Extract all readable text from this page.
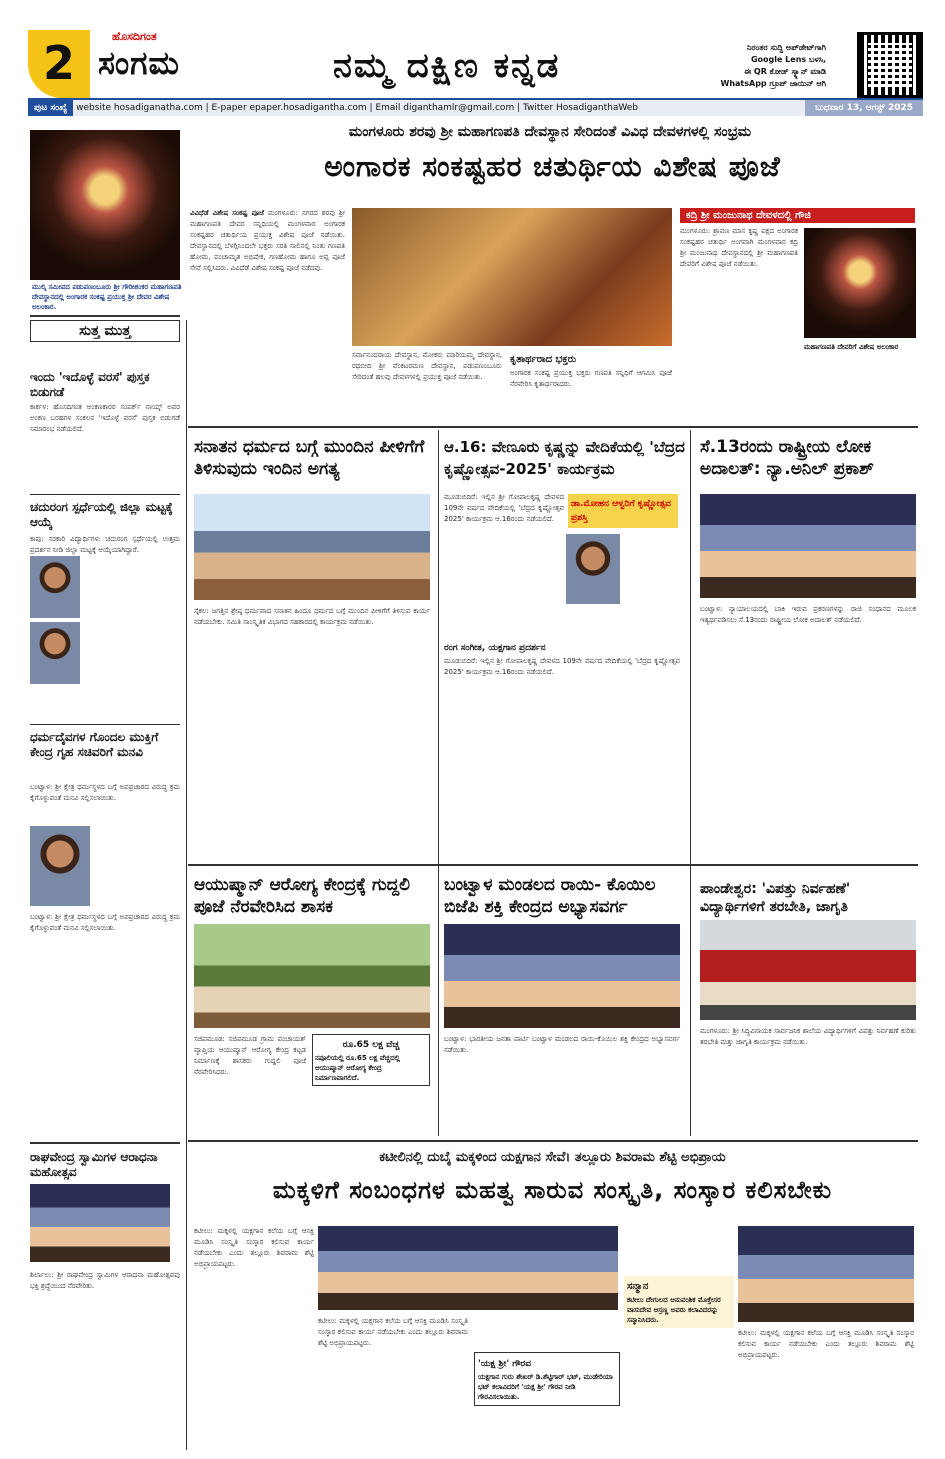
2	ಹೊಸದಿಗಂತ
ಸಂಗಮ	ನಮ್ಮ ದಕ್ಷಿಣ ಕನ್ನಡ	ನಿರಂತರ ಸುದ್ದಿ ಅಪ್‌ಡೇಟ್‌ಗಾಗಿ
Google Lens ಬಳಸಿ,
ಈ QR ಕೋಡ್ ಸ್ಕ್ಯಾನ್ ಮಾಡಿ
WhatsApp ಗ್ರೂಪ್ ಜಾಯಿನ್ ಆಗಿ
ಪುಟ ಸಂಖ್ಯೆ website hosadiganatha.com | E-paper epaper.hosadigantha.com | Email diganthamlr@gmail.com | Twitter HosadiganthaWeb	ಬುಧವಾರ 13, ಆಗಸ್ಟ್ 2025
ಮುಲ್ಕಿ ಸಮೀಪದ ಪಡುಪಣಂಬೂರು ಶ್ರೀ ಗೌರೀಶಂಕರ ಮಹಾಗಣಪತಿ ದೇವಸ್ಥಾನದಲ್ಲಿ ಅಂಗಾರಕ ಸಂಕಷ್ಟ ಪ್ರಯುಕ್ತ ಶ್ರೀ ದೇವರ ವಿಶೇಷ ಅಲಂಕಾರ.
ಮಂಗಳೂರು ಶರವು ಶ್ರೀ ಮಹಾಗಣಪತಿ ದೇವಸ್ಥಾನ ಸೇರಿದಂತೆ ವಿವಿಧ ದೇವಳಗಳಲ್ಲಿ ಸಂಭ್ರಮ
ಅಂಗಾರಕ ಸಂಕಷ್ಟಹರ ಚತುರ್ಥಿಯ ವಿಶೇಷ ಪೂಜೆ
ವಿವಿಧೆಡೆ ವಿಶೇಷ ಸಂಕಷ್ಟ ಪೂಜೆ ಮಂಗಳೂರು: ನಗರದ ಶರವು ಶ್ರೀ ಮಹಾಗಣಪತಿ ದೇವರ ಸನ್ನಿಧಿಯಲ್ಲಿ ಮಂಗಳವಾರ ಅಂಗಾರಕ ಸಂಕಷ್ಟಹರ ಚತುರ್ಥಿಯ ಪ್ರಯುಕ್ತ ವಿಶೇಷ ಪೂಜೆ ನಡೆಯಿತು. ದೇವಸ್ಥಾನದಲ್ಲಿ ಬೆಳಗ್ಗಿನಿಂದಲೇ ಭಕ್ತರು ಸರತಿ ಸಾಲಿನಲ್ಲಿ ನಿಂತು ಗಣಪತಿ ಹೋಮ, ಪಂಚಾಮೃತ ಅಭಿಷೇಕ, ಗಣಹೋಮ ಹಾಗೂ ಅಪ್ಪ ಪೂಜೆ ಸೇವೆ ಸಲ್ಲಿಸಿದರು. ವಿವಿಧೆಡೆ ವಿಶೇಷ ಸಂಕಷ್ಟ ಪೂಜೆ ನಡೆದವು.
ಸರ್ವಾನಂದರಾಯ ದೇವಸ್ಥಾನ, ಮೋಕರು ಮಾರಿಯಮ್ಮ ದೇವಸ್ಥಾನ, ರಥಬೀದಿ ಶ್ರೀ ವೆಂಕಟರಮಣ ದೇವಸ್ಥಾನ, ಪಡುಪಣಂಬೂರು ಸೇರಿದಂತೆ ಹಲವು ದೇವಳಗಳಲ್ಲಿ ಪ್ರಯುಕ್ತ ಪೂಜೆ ನಡೆಯಿತು.
ಕೃತಾರ್ಥರಾದ ಭಕ್ತರು
ಅಂಗಾರಕ ಸಂಕಷ್ಟ ಪ್ರಯುಕ್ತ ಭಕ್ತರು ಗಣಪತಿ ಸನ್ನಿಧಿಗೆ ಆಗಮಿಸಿ ಪೂಜೆ ನೆರವೇರಿಸಿ ಕೃತಾರ್ಥರಾದರು.
ಕದ್ರಿ ಶ್ರೀ ಮಂಜುನಾಥ ದೇವಳದಲ್ಲಿ ಗೌಜಿ
ಮಂಗಳೂರು: ಶ್ರಾವಣ ಮಾಸ ಕೃಷ್ಣ ಪಕ್ಷದ ಅಂಗಾರಕ ಸಂಕಷ್ಟಹರ ಚತುರ್ಥಿ ಅಂಗವಾಗಿ ಮಂಗಳವಾರ ಕದ್ರಿ ಶ್ರೀ ಮಂಜುನಾಥ ದೇವಸ್ಥಾನದಲ್ಲಿ ಶ್ರೀ ಮಹಾಗಣಪತಿ ದೇವರಿಗೆ ವಿಶೇಷ ಪೂಜೆ ನಡೆಯಿತು.
ಮಹಾಗಣಪತಿ ದೇವರಿಗೆ ವಿಶೇಷ ಅಲಂಕಾರ
ಸುತ್ತ ಮುತ್ತ
ಇಂದು 'ಇದೊಳ್ಳೆ ವರಸೆ' ಪುಸ್ತಕ ಬಿಡುಗಡೆ
ಕಾರ್ಕಳ: ಹೊಸದಿಗಂತ ಅಂಕಣಕಾರರ ಸಂಪರ್ಕ್ ನಾಯ್ಕ್ ಅವರ ಅಂಕಣ ಬರಹಗಳ ಸಂಕಲನ 'ಇದೊಳ್ಳೆ ವರಸೆ' ಪುಸ್ತಕ ಬಿಡುಗಡೆ ಸಮಾರಂಭ ನಡೆಯಲಿದೆ.
ಚದುರಂಗ ಸ್ಪರ್ಧೆಯಲ್ಲಿ ಜಿಲ್ಲಾ ಮಟ್ಟಕ್ಕೆ ಆಯ್ಕೆ
ಕಾಪು: ಸರಕಾರಿ ವಿದ್ಯಾರ್ಥಿಗಳು ಚದುರಂಗ ಸ್ಪರ್ಧೆಯಲ್ಲಿ ಉತ್ತಮ ಪ್ರದರ್ಶನ ನೀಡಿ ಜಿಲ್ಲಾ ಮಟ್ಟಕ್ಕೆ ಆಯ್ಕೆಯಾಗಿದ್ದಾರೆ.
ಧರ್ಮದೈವಗಳ ಗೊಂದಲ ಮುಕ್ತಿಗೆ ಕೇಂದ್ರ ಗೃಹ ಸಚಿವರಿಗೆ ಮನವಿ
ಬಂಟ್ವಾಳ: ಶ್ರೀ ಕ್ಷೇತ್ರ ಧರ್ಮಸ್ಥಳದ ಬಗ್ಗೆ ಅಪಪ್ರಚಾರದ ವಿರುದ್ಧ ಕ್ರಮ ಕೈಗೊಳ್ಳುವಂತೆ ಮನವಿ ಸಲ್ಲಿಸಲಾಯಿತು.
ಬಂಟ್ವಾಳ: ಶ್ರೀ ಕ್ಷೇತ್ರ ಧರ್ಮಸ್ಥಳದ ಬಗ್ಗೆ ಅಪಪ್ರಚಾರದ ವಿರುದ್ಧ ಕ್ರಮ ಕೈಗೊಳ್ಳುವಂತೆ ಮನವಿ ಸಲ್ಲಿಸಲಾಯಿತು.
ರಾಘವೇಂದ್ರ ಸ್ವಾಮಿಗಳ ಆರಾಧನಾ ಮಹೋತ್ಸವ
ಶಿರ್ಲಾಲು: ಶ್ರೀ ರಾಘವೇಂದ್ರ ಸ್ವಾಮಿಗಳ ಆರಾಧನಾ ಮಹೋತ್ಸವವು ಭಕ್ತಿ ಶ್ರದ್ಧೆಯಿಂದ ನೆರವೇರಿತು.
ಸನಾತನ ಧರ್ಮದ ಬಗ್ಗೆ ಮುಂದಿನ ಪೀಳಿಗೆಗೆ ತಿಳಿಸುವುದು ಇಂದಿನ ಅಗತ್ಯ
ಸೈಕಲ: ಜಗತ್ತಿನ ಶ್ರೇಷ್ಠ ಧರ್ಮವಾದ ಸನಾತನ ಹಿಂದೂ ಧರ್ಮದ ಬಗ್ಗೆ ಮುಂದಿನ ಪೀಳಿಗೆಗೆ ತಿಳಿಸುವ ಕಾರ್ಯ ನಡೆಯಬೇಕು. ಸಮಿತಿ ಸಾಂಸ್ಕೃತಿಕ ವಿಭಾಗದ ಸಹಕಾರದಲ್ಲಿ ಕಾರ್ಯಕ್ರಮ ನಡೆಯಿತು.
ಆ.16: ವೇಣೂರು ಕೃಷ್ಣನ್ನು ವೇದಿಕೆಯಲ್ಲಿ 'ಬೆದ್ರದ ಕೃಷ್ಣೋತ್ಸವ-2025' ಕಾರ್ಯಕ್ರಮ
ಮೂಡುಬಿದಿರೆ: ಇಲ್ಲಿನ ಶ್ರೀ ಗೋಪಾಲಕೃಷ್ಣ ದೇವಳದ 109ನೇ ವರ್ಷದ ವೇದಿಕೆಯಲ್ಲಿ 'ಬೆದ್ರದ ಕೃಷ್ಣೋತ್ಸವ 2025' ಕಾರ್ಯಕ್ರಮ ಆ.16ರಂದು ನಡೆಯಲಿದೆ.
ಡಾ.ಮೋಹನ ಆಳ್ವರಿಗೆ ಕೃಷ್ಣೋತ್ಸವ ಪ್ರಶಸ್ತಿ
ರಂಗ ಸಂಗೀತ, ಯಕ್ಷಗಾನ ಪ್ರದರ್ಶನ
ಮೂಡುಬಿದಿರೆ: ಇಲ್ಲಿನ ಶ್ರೀ ಗೋಪಾಲಕೃಷ್ಣ ದೇವಳದ 109ನೇ ವರ್ಷದ ವೇದಿಕೆಯಲ್ಲಿ 'ಬೆದ್ರದ ಕೃಷ್ಣೋತ್ಸವ 2025' ಕಾರ್ಯಕ್ರಮ ಆ.16ರಂದು ನಡೆಯಲಿದೆ.
ಸೆ.13ರಂದು ರಾಷ್ಟ್ರೀಯ ಲೋಕ ಅದಾಲತ್: ನ್ಯಾ.ಅನಿಲ್ ಪ್ರಕಾಶ್
ಬಂಟ್ವಾಳ: ನ್ಯಾಯಾಲಯದಲ್ಲಿ ಬಾಕಿ ಇರುವ ಪ್ರಕರಣಗಳನ್ನು ರಾಜಿ ಸಂಧಾನದ ಮೂಲಕ ಇತ್ಯರ್ಥಪಡಿಸಲು ಸೆ.13ರಂದು ರಾಷ್ಟ್ರೀಯ ಲೋಕ ಅದಾಲತ್ ನಡೆಯಲಿದೆ.
ಆಯುಷ್ಮಾನ್ ಆರೋಗ್ಯ ಕೇಂದ್ರಕ್ಕೆ ಗುದ್ದಲಿ ಪೂಜೆ ನೆರವೇರಿಸಿದ ಶಾಸಕ
ಸಜಿಪಮೂಡ: ಸಜಿಪಮೂಡ ಗ್ರಾಮ ಪಂಚಾಯತ್ ವ್ಯಾಪ್ತಿಯ ಆಯುಷ್ಮಾನ್ ಆರೋಗ್ಯ ಕೇಂದ್ರ ಕಟ್ಟಡ ನಿರ್ಮಾಣಕ್ಕೆ ಶಾಸಕರು ಗುದ್ದಲಿ ಪೂಜೆ ನೆರವೇರಿಸಿದರು.
ರೂ.65 ಲಕ್ಷ ವೆಚ್ಚ
ನಪೂಲಿಯಲ್ಲಿ ರೂ.65 ಲಕ್ಷ ವೆಚ್ಚದಲ್ಲಿ ಆಯುಷ್ಮಾನ್ ಆರೋಗ್ಯ ಕೇಂದ್ರ ನಿರ್ಮಾಣವಾಗಲಿದೆ.
ಬಂಟ್ವಾಳ ಮಂಡಲದ ರಾಯಿ- ಕೊಯಿಲ ಬಿಜೆಪಿ ಶಕ್ತಿ ಕೇಂದ್ರದ ಅಭ್ಯಾಸವರ್ಗ
ಬಂಟ್ವಾಳ: ಭಾರತೀಯ ಜನತಾ ಪಾರ್ಟಿ ಬಂಟ್ವಾಳ ಮಂಡಲದ ರಾಯಿ-ಕೊಯಿಲ ಶಕ್ತಿ ಕೇಂದ್ರದ ಅಭ್ಯಾಸವರ್ಗ ನಡೆಯಿತು.
ಪಾಂಡೇಶ್ವರ: 'ವಿಪತ್ತು ನಿರ್ವಹಣೆ' ವಿದ್ಯಾರ್ಥಿಗಳಿಗೆ ತರಬೇತಿ, ಜಾಗೃತಿ
ಮಂಗಳೂರು: ಶ್ರೀ ಸಿದ್ಧಿವಿನಾಯಕ ಸಾರ್ವಜನಿಕ ಶಾಲೆಯ ವಿದ್ಯಾರ್ಥಿಗಳಿಗೆ ವಿಪತ್ತು ನಿರ್ವಹಣೆ ಕುರಿತು ತರಬೇತಿ ಮತ್ತು ಜಾಗೃತಿ ಕಾರ್ಯಕ್ರಮ ನಡೆಯಿತು.
ಕಟೀಲಿನಲ್ಲಿ ದುಬೈ ಮಕ್ಕಳಿಂದ ಯಕ್ಷಗಾನ ಸೇವೆ। ತಲ್ಲೂರು ಶಿವರಾಮ ಶೆಟ್ಟಿ ಅಭಿಪ್ರಾಯ
ಮಕ್ಕಳಿಗೆ ಸಂಬಂಧಗಳ ಮಹತ್ವ ಸಾರುವ ಸಂಸ್ಕೃತಿ, ಸಂಸ್ಕಾರ ಕಲಿಸಬೇಕು
ಕಟೀಲು: ಮಕ್ಕಳಲ್ಲಿ ಯಕ್ಷಗಾನ ಕಲೆಯ ಬಗ್ಗೆ ಆಸಕ್ತಿ ಮೂಡಿಸಿ ಸಂಸ್ಕೃತಿ ಸಂಸ್ಕಾರ ಕಲಿಸುವ ಕಾರ್ಯ ನಡೆಯಬೇಕು ಎಂದು ತಲ್ಲೂರು ಶಿವರಾಮ ಶೆಟ್ಟಿ ಅಭಿಪ್ರಾಯಪಟ್ಟರು.
ಕಟೀಲು: ಮಕ್ಕಳಲ್ಲಿ ಯಕ್ಷಗಾನ ಕಲೆಯ ಬಗ್ಗೆ ಆಸಕ್ತಿ ಮೂಡಿಸಿ ಸಂಸ್ಕೃತಿ ಸಂಸ್ಕಾರ ಕಲಿಸುವ ಕಾರ್ಯ ನಡೆಯಬೇಕು ಎಂದು ತಲ್ಲೂರು ಶಿವರಾಮ ಶೆಟ್ಟಿ ಅಭಿಪ್ರಾಯಪಟ್ಟರು.
'ಯಕ್ಷ ಶ್ರೀ' ಗೌರವ
ಯಕ್ಷಗಾನ ಗುರು ಶೇಖರ್ ಡಿ.ಶೆಟ್ಟಿಗಾರ್ ಭಟ್, ಮುಡೇರಿಯಾ ಭಟ್ ಕಲಾವಿದರಿಗೆ 'ಯಕ್ಷ ಶ್ರೀ' ಗೌರವ ನೀಡಿ ಗೌರವಿಸಲಾಯಿತು.
ಸನ್ಮಾನ
ಕಟೀಲು ದೇಗುಲದ ಆನುವಂಶಿಕ ಮೊಕ್ತೇಸರ ವಾಸುದೇವ ಆಸ್ರಣ್ಣ ಅವರು ಕಲಾವಿದರನ್ನು ಸನ್ಮಾನಿಸಿದರು.
ಕಟೀಲು: ಮಕ್ಕಳಲ್ಲಿ ಯಕ್ಷಗಾನ ಕಲೆಯ ಬಗ್ಗೆ ಆಸಕ್ತಿ ಮೂಡಿಸಿ ಸಂಸ್ಕೃತಿ ಸಂಸ್ಕಾರ ಕಲಿಸುವ ಕಾರ್ಯ ನಡೆಯಬೇಕು ಎಂದು ತಲ್ಲೂರು ಶಿವರಾಮ ಶೆಟ್ಟಿ ಅಭಿಪ್ರಾಯಪಟ್ಟರು.
